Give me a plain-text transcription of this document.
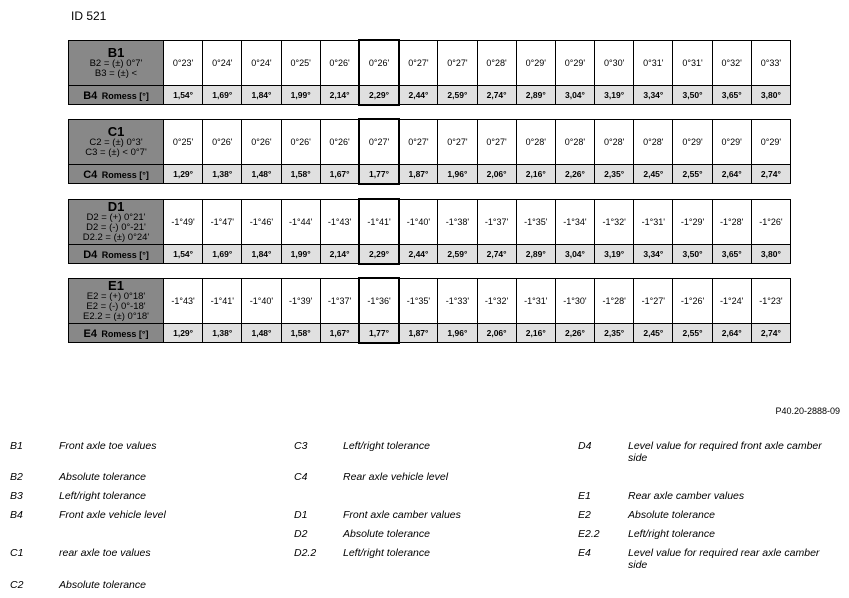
ID 521
B1
B2 = (±) 0°7'
B3 = (±) <	0°23'	0°24'	0°24'	0°25'	0°26'	0°26'	0°27'	0°27'	0°28'	0°29'	0°29'	0°30'	0°31'	0°31'	0°32'	0°33'
B4 Romess [°]	1,54°	1,69°	1,84°	1,99°	2,14°	2,29°	2,44°	2,59°	2,74°	2,89°	3,04°	3,19°	3,34°	3,50°	3,65°	3,80°
C1
C2 = (±) 0°3'
C3 = (±) < 0°7'	0°25'	0°26'	0°26'	0°26'	0°26'	0°27'	0°27'	0°27'	0°27'	0°28'	0°28'	0°28'	0°28'	0°29'	0°29'	0°29'
C4 Romess [°]	1,29°	1,38°	1,48°	1,58°	1,67°	1,77°	1,87°	1,96°	2,06°	2,16°	2,26°	2,35°	2,45°	2,55°	2,64°	2,74°
D1
D2 = (+) 0°21'
D2 = (-) 0°-21'
D2.2 = (±) 0°24'	-1°49'	-1°47'	-1°46'	-1°44'	-1°43'	-1°41'	-1°40'	-1°38'	-1°37'	-1°35'	-1°34'	-1°32'	-1°31'	-1°29'	-1°28'	-1°26'
D4 Romess [°]	1,54°	1,69°	1,84°	1,99°	2,14°	2,29°	2,44°	2,59°	2,74°	2,89°	3,04°	3,19°	3,34°	3,50°	3,65°	3,80°
E1
E2 = (+) 0°18'
E2 = (-) 0°-18'
E2.2 = (±) 0°18'	-1°43'	-1°41'	-1°40'	-1°39'	-1°37'	-1°36'	-1°35'	-1°33'	-1°32'	-1°31'	-1°30'	-1°28'	-1°27'	-1°26'	-1°24'	-1°23'
E4 Romess [°]	1,29°	1,38°	1,48°	1,58°	1,67°	1,77°	1,87°	1,96°	2,06°	2,16°	2,26°	2,35°	2,45°	2,55°	2,64°	2,74°
P40.20-2888-09
B1	Front axle toe values
B2	Absolute tolerance
B3	Left/right tolerance
B4	Front axle vehicle level
C1	rear axle toe values
C2	Absolute tolerance
C3	Left/right tolerance
C4	Rear axle vehicle level
D1	Front axle camber values
D2	Absolute tolerance
D2.2	Left/right tolerance
D4	Level value for required front axle camber side
E1	Rear axle camber values
E2	Absolute tolerance
E2.2	Left/right tolerance
E4	Level value for required rear axle camber side
